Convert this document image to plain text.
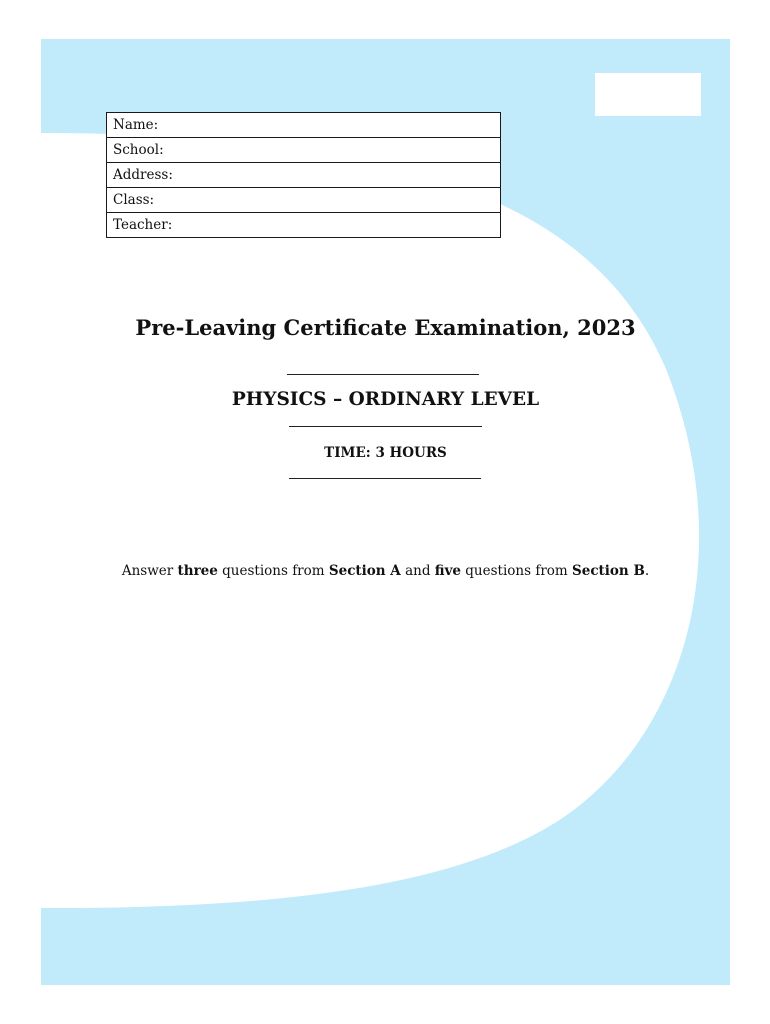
Name:
School:
Address:
Class:
Teacher:
Pre-Leaving Certificate Examination, 2023
PHYSICS – ORDINARY LEVEL
TIME: 3 HOURS

Answer three questions from Section A and five questions from Section B.
